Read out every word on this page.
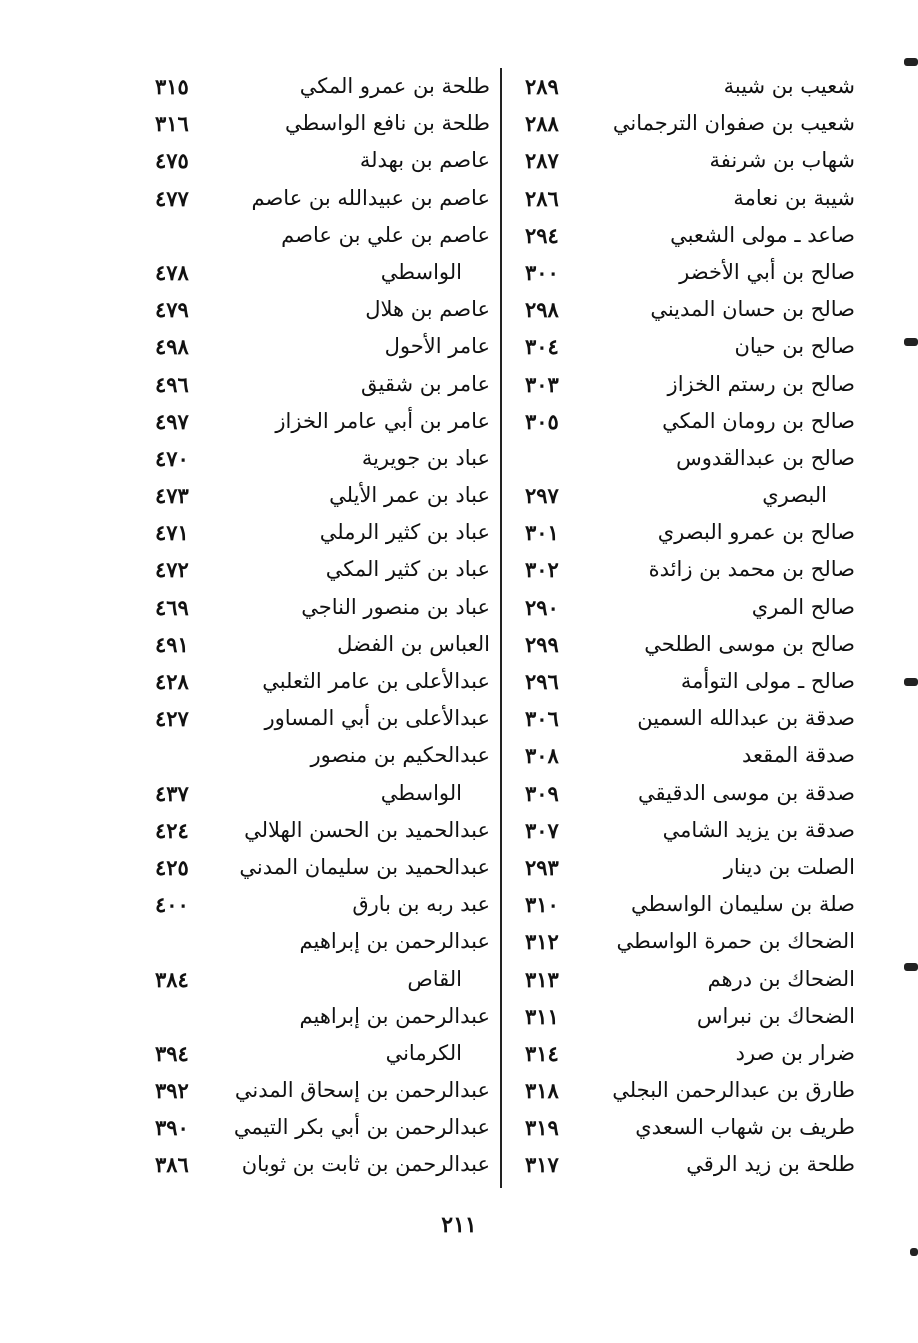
شعيب بن شيبة
٢٨٩
شعيب بن صفوان الترجماني
٢٨٨
شهاب بن شرنفة
٢٨٧
شيبة بن نعامة
٢٨٦
صاعد ـ مولى الشعبي
٢٩٤
صالح بن أبي الأخضر
٣٠٠
صالح بن حسان المديني
٢٩٨
صالح بن حيان
٣٠٤
صالح بن رستم الخزاز
٣٠٣
صالح بن رومان المكي
٣٠٥
صالح بن عبدالقدوس
البصري
٢٩٧
صالح بن عمرو البصري
٣٠١
صالح بن محمد بن زائدة
٣٠٢
صالح المري
٢٩٠
صالح بن موسى الطلحي
٢٩٩
صالح ـ مولى التوأمة
٢٩٦
صدقة بن عبدالله السمين
٣٠٦
صدقة المقعد
٣٠٨
صدقة بن موسى الدقيقي
٣٠٩
صدقة بن يزيد الشامي
٣٠٧
الصلت بن دينار
٢٩٣
صلة بن سليمان الواسطي
٣١٠
الضحاك بن حمرة الواسطي
٣١٢
الضحاك بن درهم
٣١٣
الضحاك بن نبراس
٣١١
ضرار بن صرد
٣١٤
طارق بن عبدالرحمن البجلي
٣١٨
طريف بن شهاب السعدي
٣١٩
طلحة بن زيد الرقي
٣١٧
طلحة بن عمرو المكي
٣١٥
طلحة بن نافع الواسطي
٣١٦
عاصم بن بهدلة
٤٧٥
عاصم بن عبيدالله بن عاصم
٤٧٧
عاصم بن علي بن عاصم
الواسطي
٤٧٨
عاصم بن هلال
٤٧٩
عامر الأحول
٤٩٨
عامر بن شقيق
٤٩٦
عامر بن أبي عامر الخزاز
٤٩٧
عباد بن جويرية
٤٧٠
عباد بن عمر الأيلي
٤٧٣
عباد بن كثير الرملي
٤٧١
عباد بن كثير المكي
٤٧٢
عباد بن منصور الناجي
٤٦٩
العباس بن الفضل
٤٩١
عبدالأعلى بن عامر الثعلبي
٤٢٨
عبدالأعلى بن أبي المساور
٤٢٧
عبدالحكيم بن منصور
الواسطي
٤٣٧
عبدالحميد بن الحسن الهلالي
٤٢٤
عبدالحميد بن سليمان المدني
٤٢٥
عبد ربه بن بارق
٤٠٠
عبدالرحمن بن إبراهيم
القاص
٣٨٤
عبدالرحمن بن إبراهيم
الكرماني
٣٩٤
عبدالرحمن بن إسحاق المدني
٣٩٢
عبدالرحمن بن أبي بكر التيمي
٣٩٠
عبدالرحمن بن ثابت بن ثوبان
٣٨٦
٢١١
